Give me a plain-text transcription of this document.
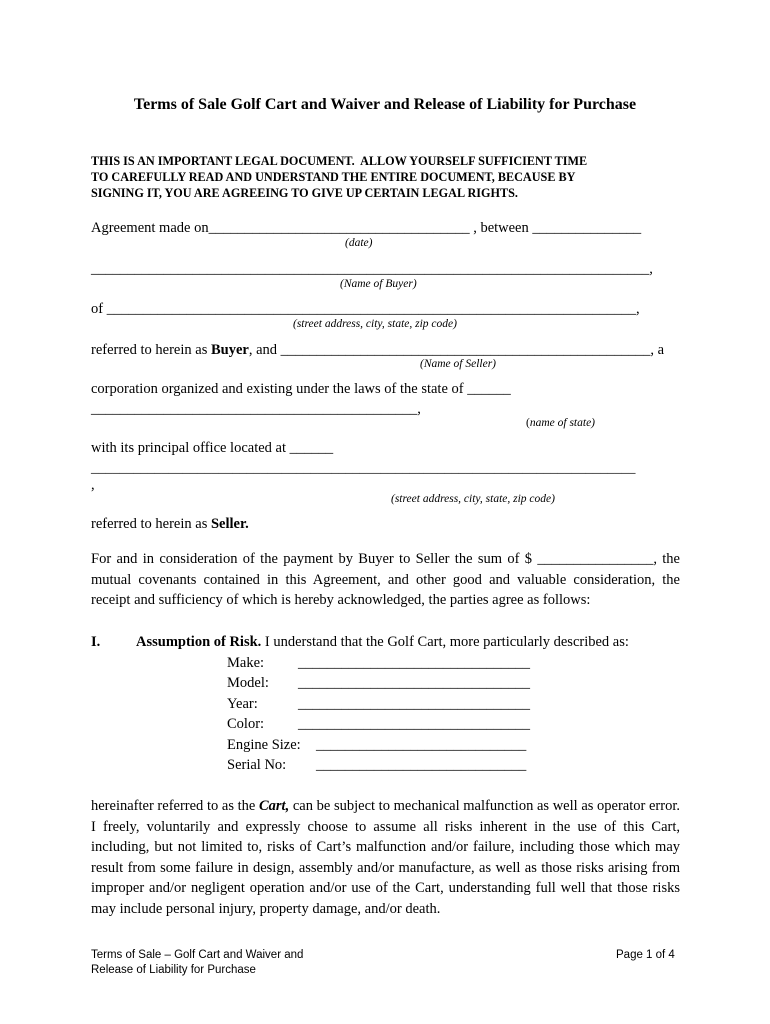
Terms of Sale Golf Cart and Waiver and Release of Liability for Purchase
THIS IS AN IMPORTANT LEGAL DOCUMENT.  ALLOW YOURSELF SUFFICIENT TIME
TO CAREFULLY READ AND UNDERSTAND THE ENTIRE DOCUMENT, BECAUSE BY
SIGNING IT, YOU ARE AGREEING TO GIVE UP CERTAIN LEGAL RIGHTS.
Agreement made on____________________________________ , between _______________
(date)
_____________________________________________________________________________,
(Name of Buyer)
of _________________________________________________________________________,
(street address, city, state, zip code)
referred to herein as Buyer, and ___________________________________________________, a
(Name of Seller)
corporation organized and existing under the laws of the state of ______
_____________________________________________,
(name of state)
with its principal office located at ______
_____________________________________________________________________________
,
(street address, city, state, zip code)
referred to herein as Seller.
For and in consideration of the payment by Buyer to Seller the sum of $ ________________, the mutual covenants contained in this Agreement, and other good and valuable consideration, the receipt and sufficiency of which is hereby acknowledged, the parties agree as follows:
I. Assumption of Risk. I understand that the Golf Cart, more particularly described as:
Make: ________________________________
Model: ________________________________
Year:	________________________________
Color: ________________________________
Engine Size: _____________________________
Serial No: _____________________________
hereinafter referred to as the Cart, can be subject to mechanical malfunction as well as operator error. I freely, voluntarily and expressly choose to assume all risks inherent in the use of this Cart, including, but not limited to, risks of Cart’s malfunction and/or failure, including those which may result from some failure in design, assembly and/or manufacture, as well as those risks arising from improper and/or negligent operation and/or use of the Cart, understanding full well that those risks may include personal injury, property damage, and/or death.
Terms of Sale – Golf Cart and Waiver and
Release of Liability for Purchase
Page 1 of 4
